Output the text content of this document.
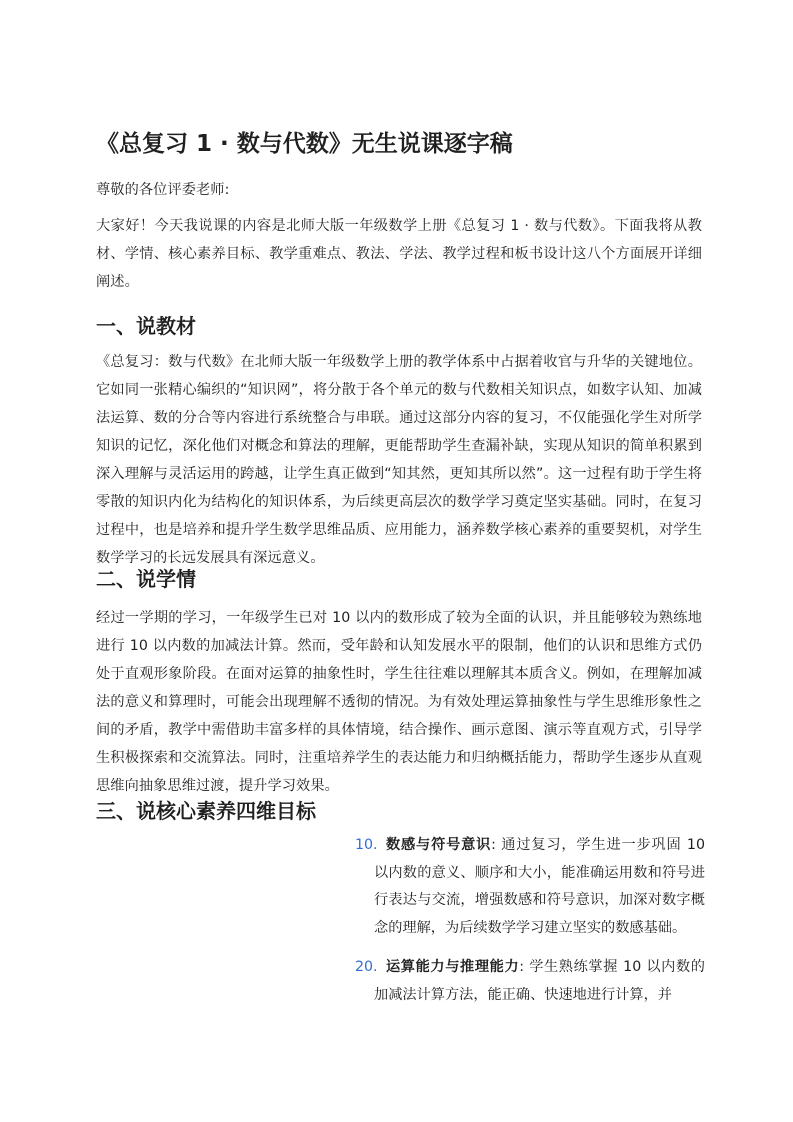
《总复习 1 · 数与代数》无生说课逐字稿

尊敬的各位评委老师:

大家好！今天我说课的内容是北师大版一年级数学上册《总复习 1 · 数与代数》。下面我将从教材、学情、核心素养目标、教学重难点、教法、学法、教学过程和板书设计这八个方面展开详细阐述。

一、说教材

《总复习：数与代数》在北师大版一年级数学上册的教学体系中占据着收官与升华的关键地位。它如同一张精心编织的“知识网”，将分散于各个单元的数与代数相关知识点，如数字认知、加减法运算、数的分合等内容进行系统整合与串联。通过这部分内容的复习，不仅能强化学生对所学知识的记忆，深化他们对概念和算法的理解，更能帮助学生查漏补缺，实现从知识的简单积累到深入理解与灵活运用的跨越，让学生真正做到“知其然，更知其所以然”。这一过程有助于学生将零散的知识内化为结构化的知识体系，为后续更高层次的数学学习奠定坚实基础。同时，在复习过程中，也是培养和提升学生数学思维品质、应用能力，涵养数学核心素养的重要契机，对学生数学学习的长远发展具有深远意义。

二、说学情

经过一学期的学习，一年级学生已对 10 以内的数形成了较为全面的认识，并且能够较为熟练地进行 10 以内数的加减法计算。然而，受年龄和认知发展水平的限制，他们的认识和思维方式仍处于直观形象阶段。在面对运算的抽象性时，学生往往难以理解其本质含义。例如，在理解加减法的意义和算理时，可能会出现理解不透彻的情况。为有效处理运算抽象性与学生思维形象性之间的矛盾，教学中需借助丰富多样的具体情境，结合操作、画示意图、演示等直观方式，引导学生积极探索和交流算法。同时，注重培养学生的表达能力和归纳概括能力，帮助学生逐步从直观思维向抽象思维过渡，提升学习效果。

三、说核心素养四维目标
10. 数感与符号意识: 通过复习，学生进一步巩固 10 以内数的意义、顺序和大小，能准确运用数和符号进行表达与交流，增强数感和符号意识，加深对数字概念的理解，为后续数学学习建立坚实的数感基础。
20. 运算能力与推理能力: 学生熟练掌握 10 以内数的加减法计算方法，能正确、快速地进行计算，并
